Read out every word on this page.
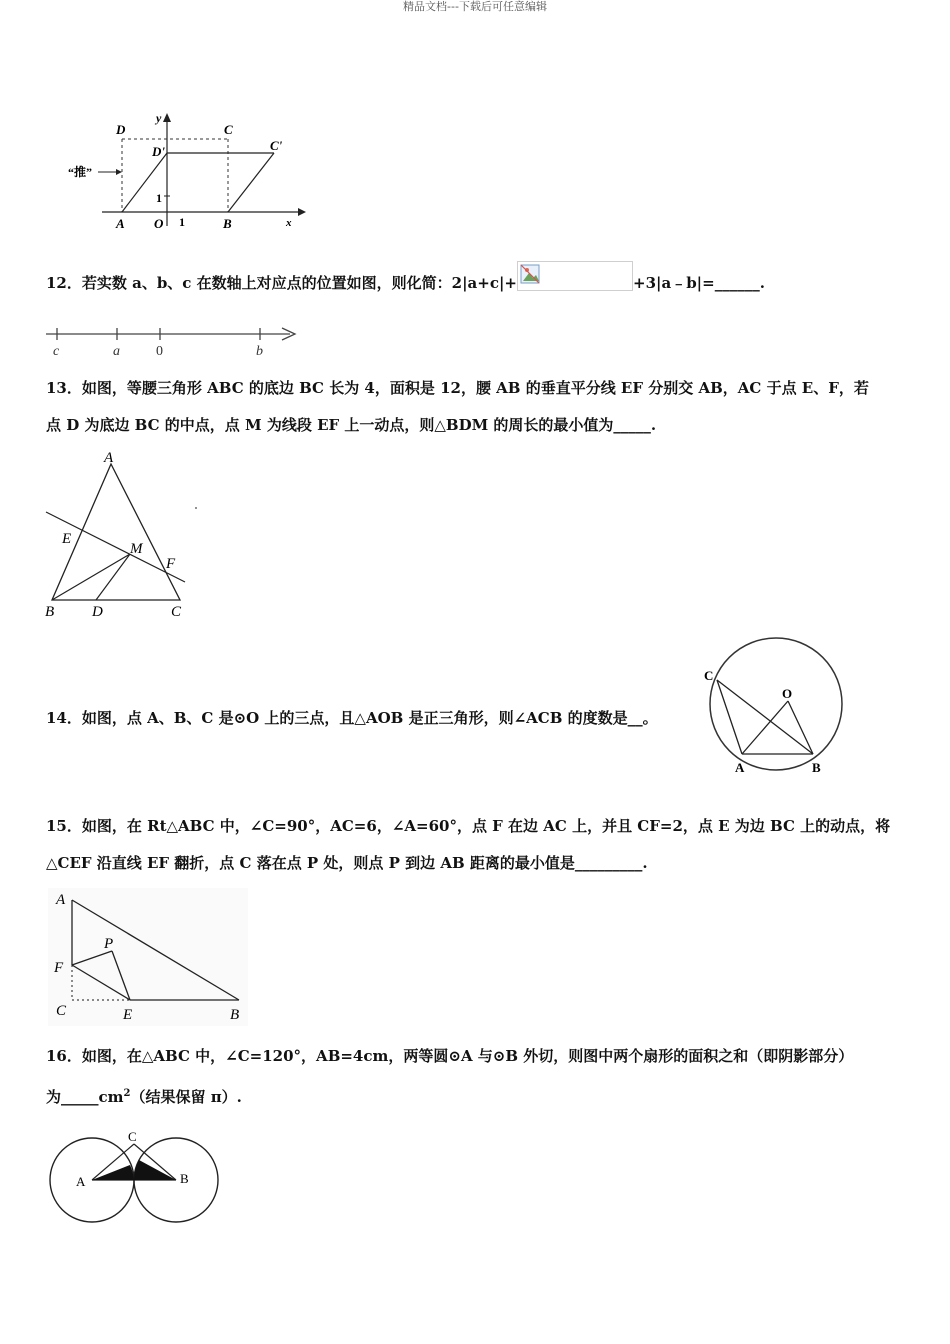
精品文档---下载后可任意编辑
D	C
D'	C'
“推”
y
1
A O 1	B	x
12．若实数 a、b、c 在数轴上对应点的位置如图，则化简：2|a+c|+	+3|a﹣b|=______.
c	a	0	b
13．如图，等腰三角形 ABC 的底边 BC 长为 4，面积是 12，腰 AB 的垂直平分线 EF 分别交 AB，AC 于点 E、F，若
点 D 为底边 BC 的中点，点 M 为线段 EF 上一动点，则△BDM 的周长的最小值为_____.
A
E
M
F
B	D	C
14．如图，点 A、B、C 是⊙O 上的三点，且△AOB 是正三角形，则∠ACB 的度数是__。
C
O
A	B
15．如图，在 Rt△ABC 中，∠C=90°，AC=6，∠A=60°，点 F 在边 AC 上，并且 CF=2，点 E 为边 BC 上的动点，将
△CEF 沿直线 EF 翻折，点 C 落在点 P 处，则点 P 到边 AB 距离的最小值是_________.
A
P
F
C	E	B
16．如图，在△ABC 中，∠C=120°，AB=4cm，两等圆⊙A 与⊙B 外切，则图中两个扇形的面积之和（即阴影部分）
为$\_\_\_\_\_cm^2$（结果保留 π）.
C
A	B
